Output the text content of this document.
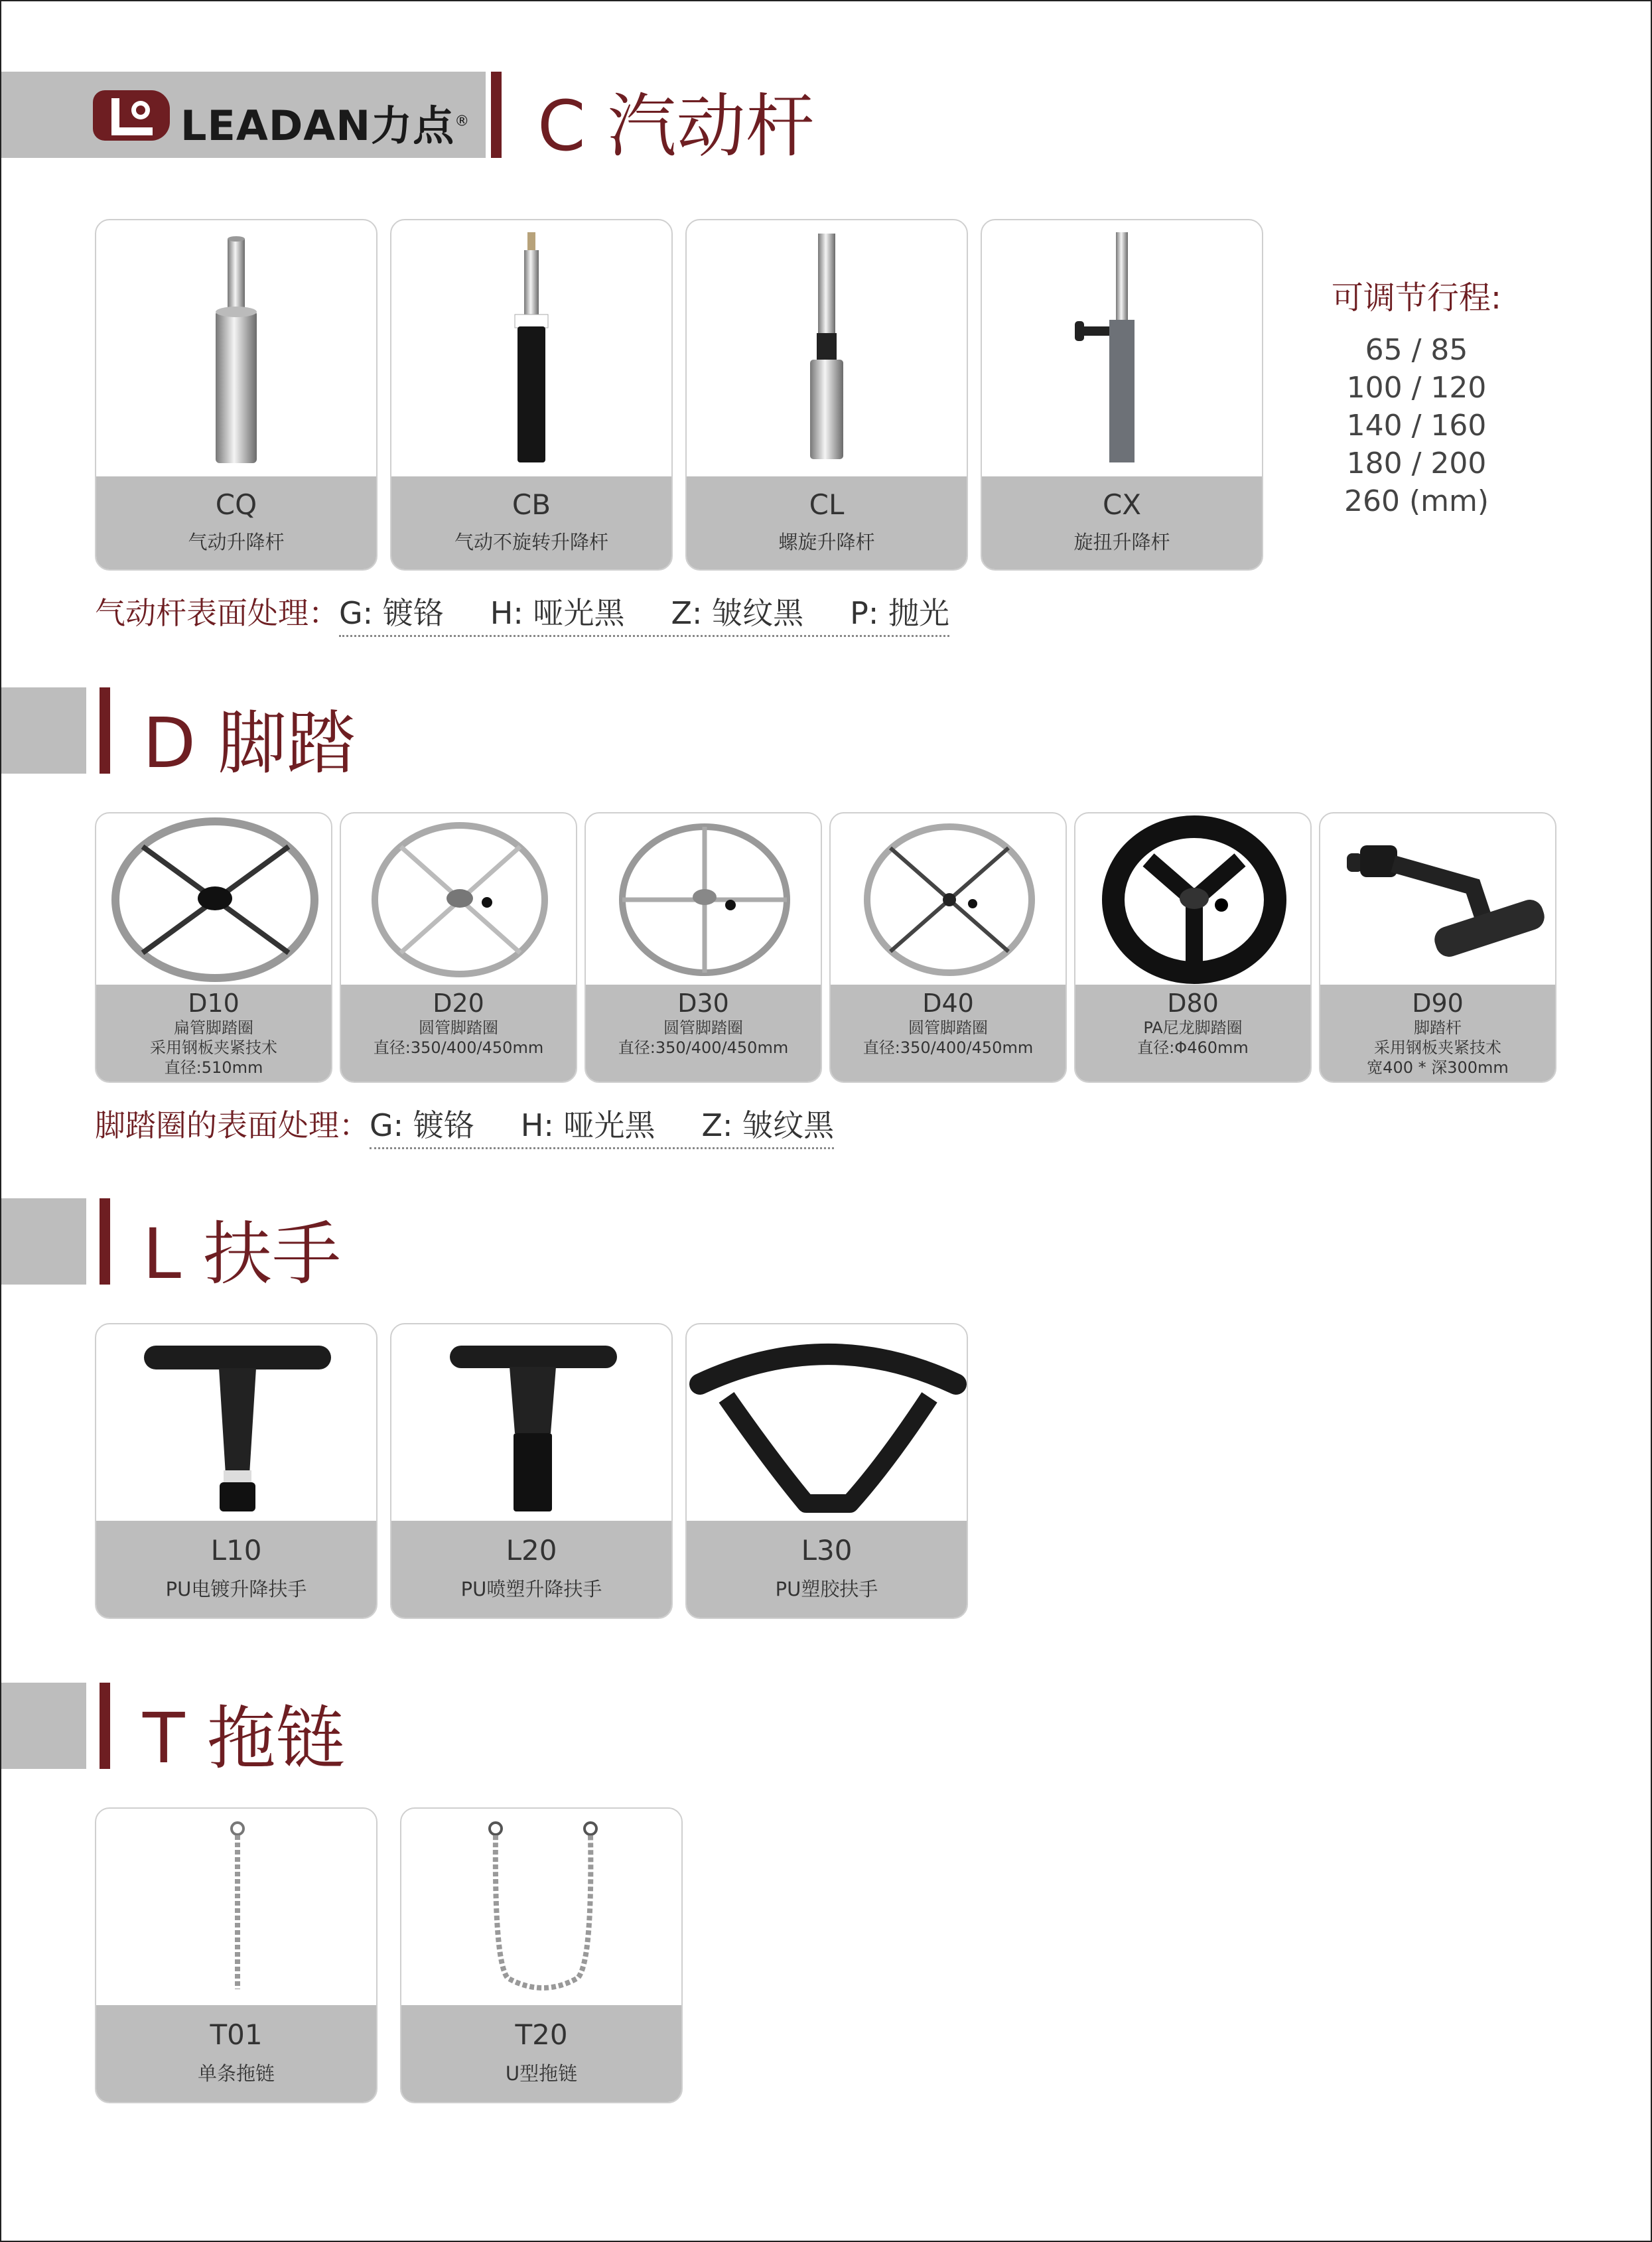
LEADAN力点® C 汽动杆
CQ
气动升降杆
CB
气动不旋转升降杆
CL
螺旋升降杆
CX
旋扭升降杆
可调节行程:
65 / 85
100 / 120
140 / 160
180 / 200
260 (mm)
气动杆表面处理：G: 镀铬 H: 哑光黑 Z: 皱纹黑 P: 抛光
D 脚踏
D10
扁管脚踏圈
采用钢板夹紧技术
直径:510mm
D20
圆管脚踏圈
直径:350/400/450mm
D30
圆管脚踏圈
直径:350/400/450mm
D40
圆管脚踏圈
直径:350/400/450mm
D80
PA尼龙脚踏圈
直径:Φ460mm
D90
脚踏杆
采用钢板夹紧技术
宽400 * 深300mm
脚踏圈的表面处理：G: 镀铬 H: 哑光黑 Z: 皱纹黑
L 扶手
L10
PU电镀升降扶手
L20
PU喷塑升降扶手
L30
PU塑胶扶手
T 拖链
T01
单条拖链
T20
U型拖链
